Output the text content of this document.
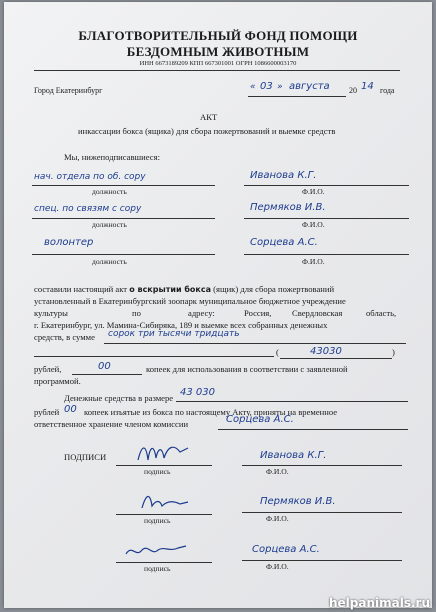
БЛАГОТВОРИТЕЛЬНЫЙ ФОНД ПОМОЩИ
БЕЗДОМНЫМ ЖИВОТНЫМ
ИНН 6673189209 КПП 667301001 ОГРН 1086600003170
Город Екатеринбург	« 03 » августа 20 14 года
АКТ
инкассации бокса (ящика) для сбора пожертвований и выемке средств
Мы, нижеподписавшиеся:
нач. отдела по об. сору
должность
Иванова К.Г.
Ф.И.О.
спец. по связям с сору
должность
Пермяков И.В.
Ф.И.О.
волонтер
должность
Сорцева А.С.
Ф.И.О.
составили настоящий акт о вскрытии бокса (ящик) для сбора пожертвований
установленный в Екатеринбургский зоопарк муниципальное бюджетное учреждение
культуры	по	адресу:	Россия, Свердловская	область,
г. Екатеринбург, ул. Мамина-Сибиряка, 189 и выемке всех собранных денежных
средств, в сумме сорок три тысячи тридцать
(	43030	)
рублей,	00	копеек для использования в соответствии с заявленной
программой.
Денежные средства в размере 43 030
рублей 00 копеек изъятые из бокса по настоящему Акту, приняты на временное
ответственное хранение членом комиссии	Сорцева А.С.
ПОДПИСИ
подпись
Иванова К.Г.
Ф.И.О.
подпись
Пермяков И.В.
Ф.И.О.
подпись
Сорцева А.С.
Ф.И.О.
helpanimals.ru
